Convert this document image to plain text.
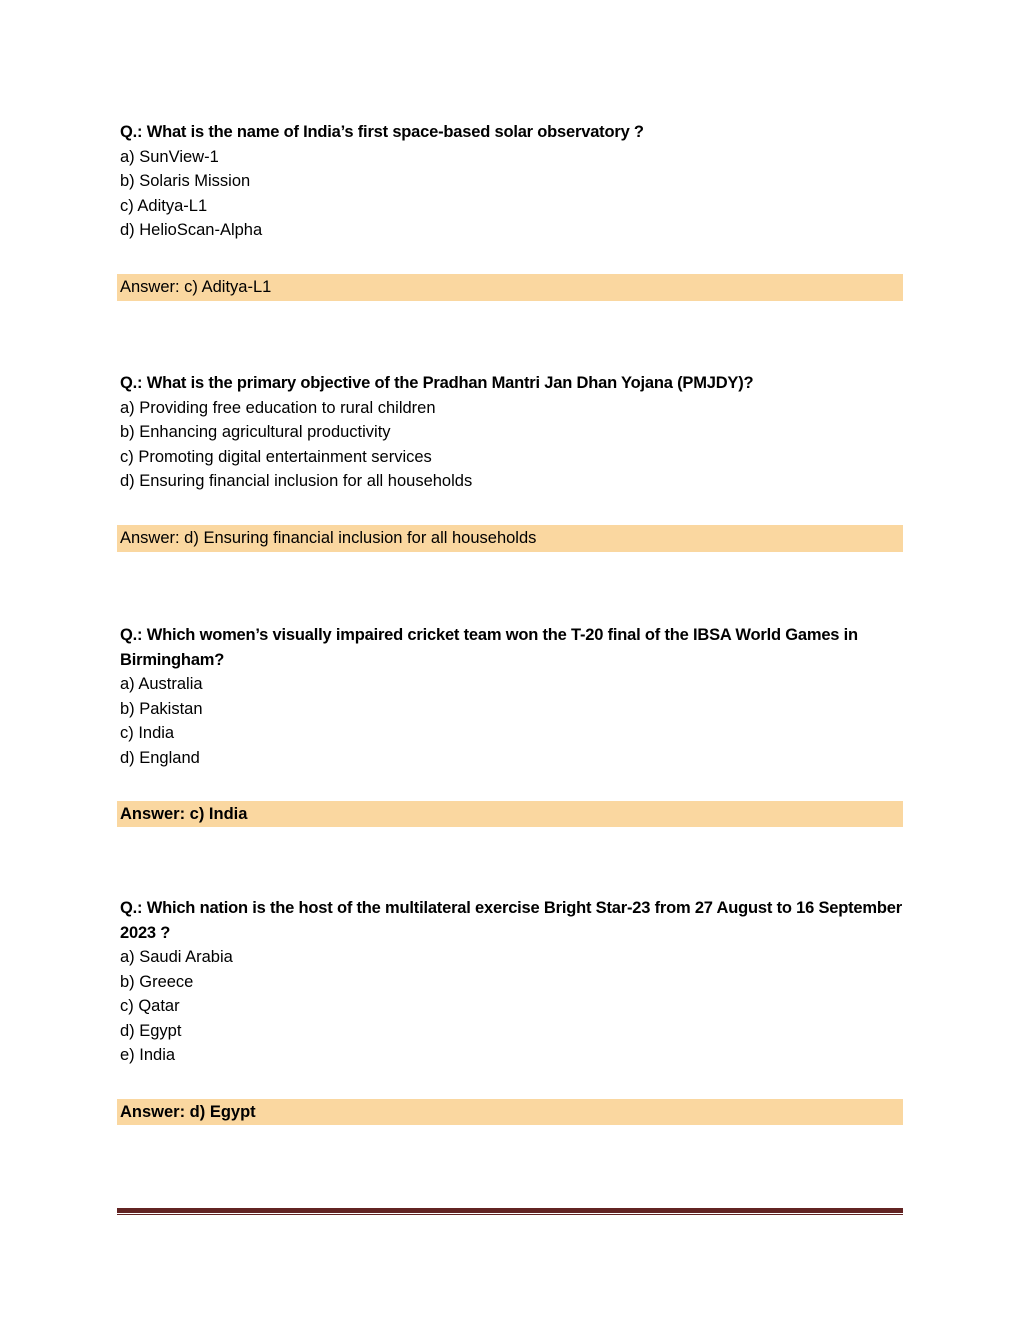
Q.: What is the name of India’s first space-based solar observatory ?
a) SunView-1
b) Solaris Mission
c) Aditya-L1
d) HelioScan-Alpha
Answer: c) Aditya-L1
Q.: What is the primary objective of the Pradhan Mantri Jan Dhan Yojana (PMJDY)?
a) Providing free education to rural children
b) Enhancing agricultural productivity
c) Promoting digital entertainment services
d) Ensuring financial inclusion for all households
Answer: d) Ensuring financial inclusion for all households
Q.: Which women’s visually impaired cricket team won the T-20 final of the IBSA World Games in Birmingham?
a) Australia
b) Pakistan
c) India
d) England
Answer: c) India
Q.: Which nation is the host of the multilateral exercise Bright Star-23 from 27 August to 16 September 2023 ?
a) Saudi Arabia
b) Greece
c) Qatar
d) Egypt
e) India
Answer: d) Egypt
